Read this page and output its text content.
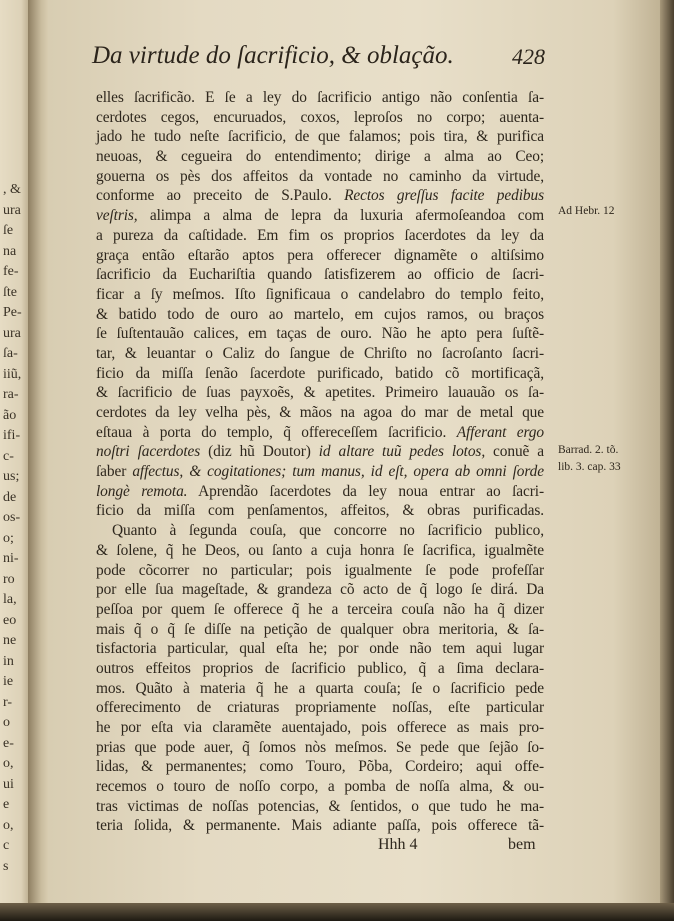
, &
ura
ſe
na
fe-
ſte
Pe-
ura
ſa-
iiũ,
ra-
ão
ifi-
c-
us;
de
os-
o;
ni-
ro
la,
eo
ne
in
ie
r-
o
e-
o,
ui
e
o,
c
s
Da virtude do ſacrificio, & oblação.	428
elles ſacrificão. E ſe a ley do ſacrificio antigo não conſentia ſa-
cerdotes cegos, encuruados, coxos, leproſos no corpo; auenta-
jado he tudo neſte ſacrificio, de que falamos; pois tira, & purifica
neuoas, & cegueira do entendimento; dirige a alma ao Ceo;
gouerna os pès dos affeitos da vontade no caminho da virtude,
conforme ao preceito de S.Paulo. Rectos greſſus facite pedibus
veſtris, alimpa a alma de lepra da luxuria afermoſeandoa com
a pureza da caſtidade. Em fim os proprios ſacerdotes da ley da
graça então eſtarão aptos pera offerecer dignamẽte o altiſsimo
ſacrificio da Euchariſtia quando ſatisfizerem ao officio de ſacri-
ficar a ſy meſmos. Iſto ſignificaua o candelabro do templo feito,
& batido todo de ouro ao martelo, em cujos ramos, ou braços
ſe ſuſtentauão calices, em taças de ouro. Não he apto pera ſuſtẽ-
tar, & leuantar o Caliz do ſangue de Chriſto no ſacroſanto ſacri-
ficio da miſſa ſenão ſacerdote purificado, batido cõ mortificaçã,
& ſacrificio de ſuas payxoẽs, & apetites. Primeiro lauauão os ſa-
cerdotes da ley velha pès, & mãos na agoa do mar de metal que
eſtaua à porta do templo, q̃ offereceſſem ſacrificio. Afferant ergo
noſtri ſacerdotes (diz hũ Doutor) id altare tuũ pedes lotos, conuẽ a
ſaber affectus, & cogitationes; tum manus, id eſt, opera ab omni ſorde
longè remota. Aprendão ſacerdotes da ley noua entrar ao ſacri-
ficio da miſſa com penſamentos, affeitos, & obras purificadas.
Quanto à ſegunda couſa, que concorre no ſacrificio publico,
& ſolene, q̃ he Deos, ou ſanto a cuja honra ſe ſacrifica, igualmẽte
pode cõcorrer no particular; pois igualmente ſe pode profeſſar
por elle ſua mageſtade, & grandeza cõ acto de q̃ logo ſe dirá. Da
peſſoa por quem ſe offerece q̃ he a terceira couſa não ha q̃ dizer
mais q̃ o q̃ ſe diſſe na petição de qualquer obra meritoria, & ſa-
tisfactoria particular, qual eſta he; por onde não tem aqui lugar
outros effeitos proprios de ſacrificio publico, q̃ a ſima declara-
mos. Quãto à materia q̃ he a quarta couſa; ſe o ſacrificio pede
offerecimento de criaturas propriamente noſſas, eſte particular
he por eſta via claramẽte auentajado, pois offerece as mais pro-
prias que pode auer, q̃ ſomos nòs meſmos. Se pede que ſejão ſo-
lidas, & permanentes; como Touro, Põba, Cordeiro; aqui offe-
recemos o touro de noſſo corpo, a pomba de noſſa alma, & ou-
tras victimas de noſſas potencias, & ſentidos, o que tudo he ma-
teria ſolida, & permanente. Mais adiante paſſa, pois offerece tã-
Ad Hebr. 12
Barrad. 2. tõ.
lib. 3. cap. 33
Hhh 4	bem
